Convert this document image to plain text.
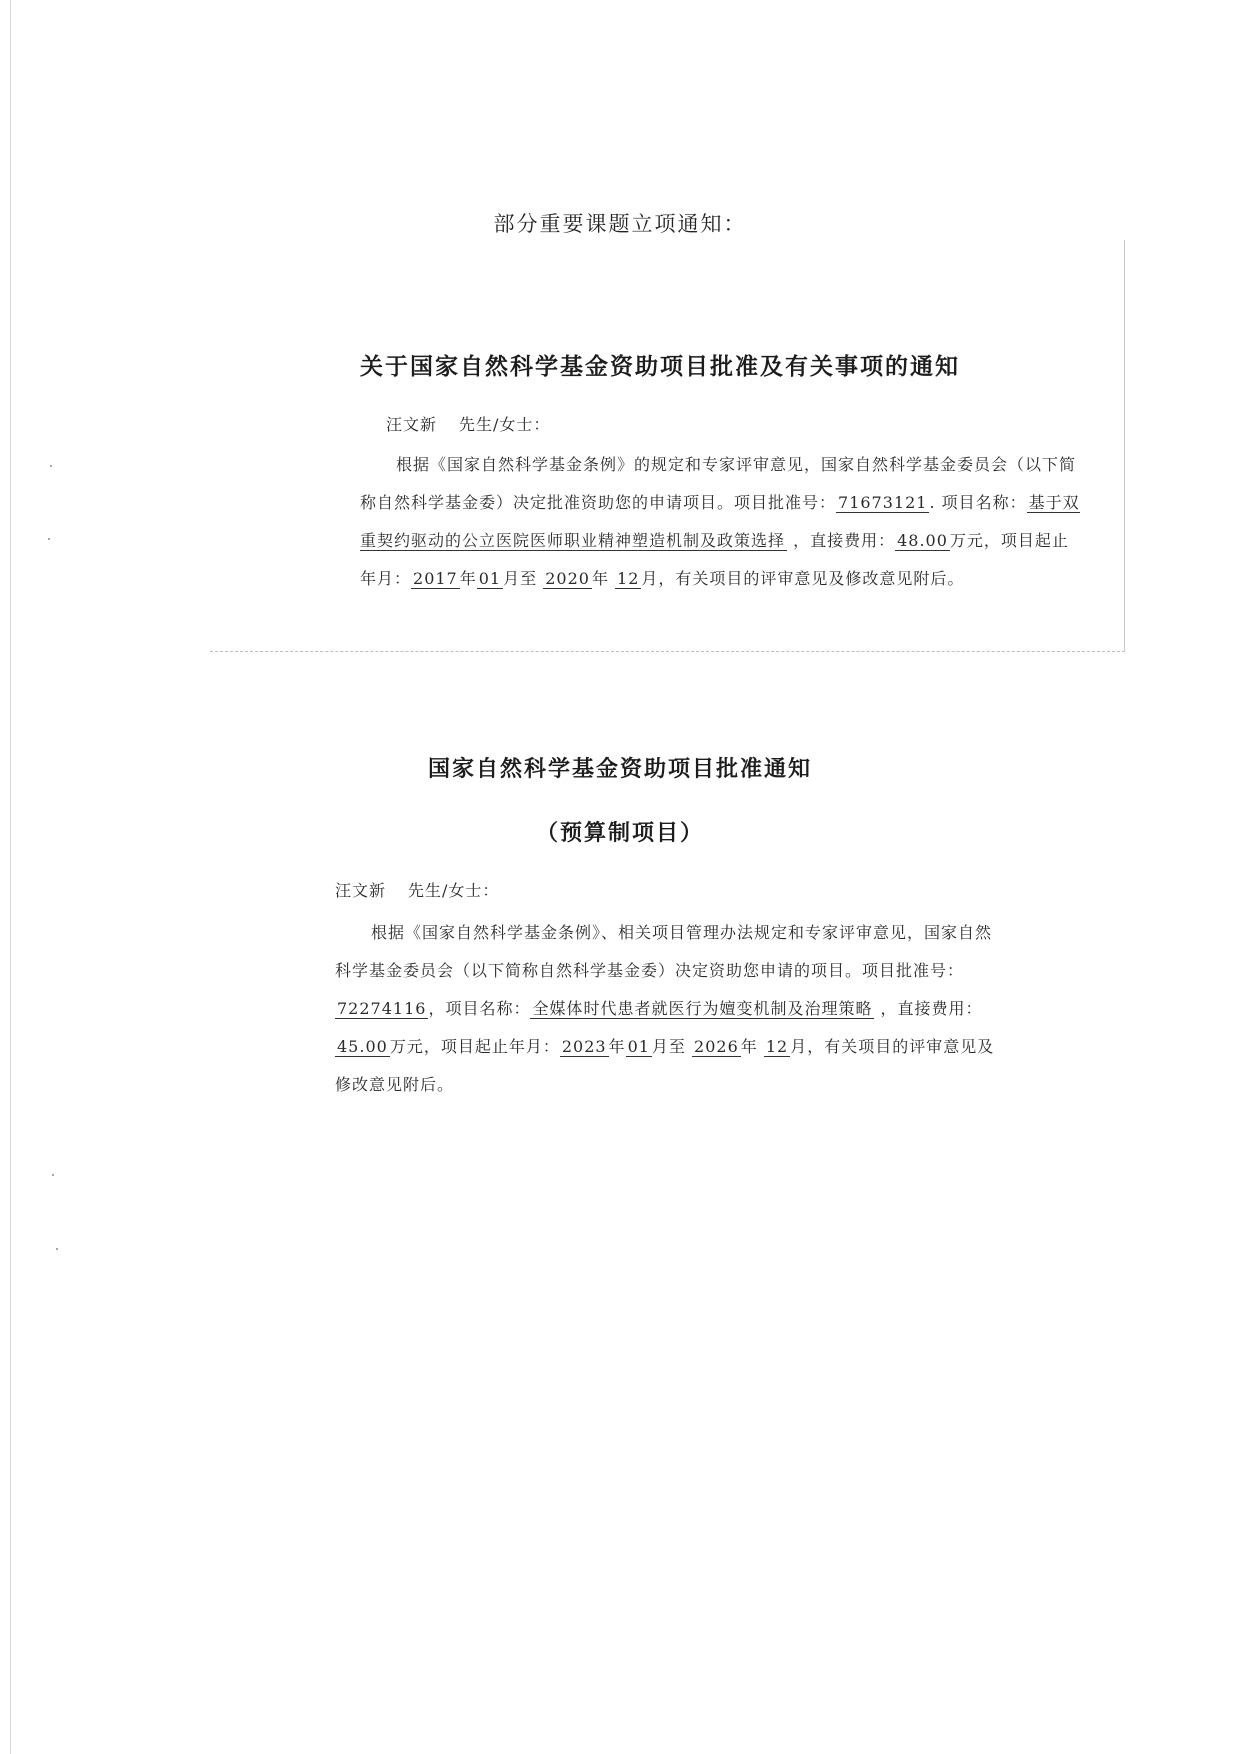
部分重要课题立项通知：
关于国家自然科学基金资助项目批准及有关事项的通知
汪文新 先生/女士：
根据《国家自然科学基金条例》的规定和专家评审意见，国家自然科学基金委员会（以下简称自然科学基金委）决定批准资助您的申请项目。项目批准号： 71673121 . 项目名称： 基于双重契约驱动的公立医院医师职业精神塑造机制及政策选择 ，直接费用： 48.00 万元，项目起止年月： 2017 年 01 月至 2020 年 12 月，有关项目的评审意见及修改意见附后。
国家自然科学基金资助项目批准通知
（预算制项目）
汪文新 先生/女士：
根据《国家自然科学基金条例》、相关项目管理办法规定和专家评审意见，国家自然科学基金委员会（以下简称自然科学基金委）决定资助您申请的项目。项目批准号：72274116 ，项目名称： 全媒体时代患者就医行为嬗变机制及治理策略 ，直接费用：45.00 万元，项目起止年月： 2023 年 01 月至 2026 年 12 月，有关项目的评审意见及修改意见附后。
